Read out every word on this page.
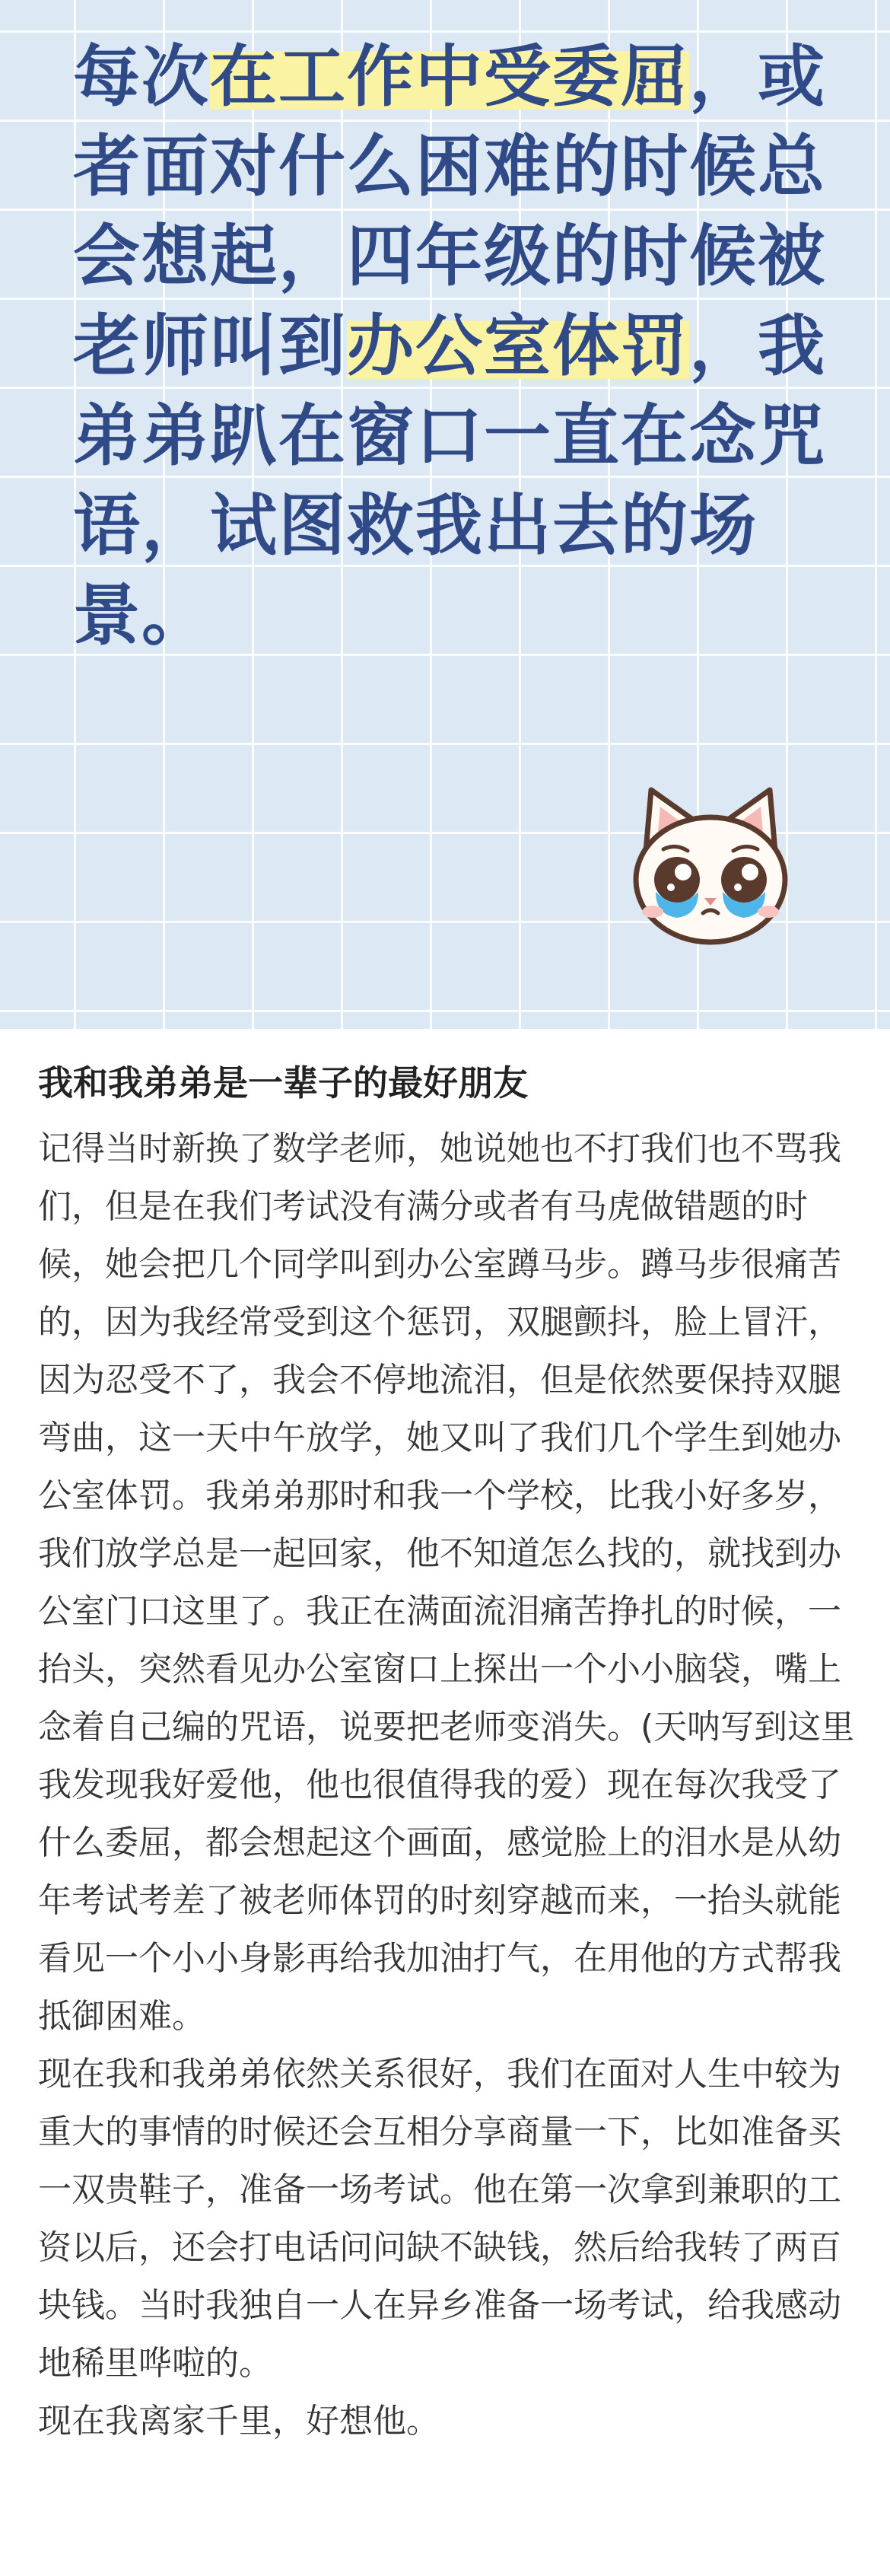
每次在工作中受委屈，或者面对什么困难的时候总会想起，四年级的时候被老师叫到办公室体罚，我弟弟趴在窗口一直在念咒语，试图救我出去的场景。

我和我弟弟是一辈子的最好朋友

记得当时新换了数学老师，她说她也不打我们也不骂我们，但是在我们考试没有满分或者有马虎做错题的时候，她会把几个同学叫到办公室蹲马步。蹲马步很痛苦的，因为我经常受到这个惩罚，双腿颤抖，脸上冒汗，因为忍受不了，我会不停地流泪，但是依然要保持双腿弯曲，这一天中午放学，她又叫了我们几个学生到她办公室体罚。我弟弟那时和我一个学校，比我小好多岁，我们放学总是一起回家，他不知道怎么找的，就找到办公室门口这里了。我正在满面流泪痛苦挣扎的时候，一抬头，突然看见办公室窗口上探出一个小小脑袋，嘴上念着自己编的咒语，说要把老师变消失。(天呐写到这里我发现我好爱他，他也很值得我的爱）现在每次我受了什么委屈，都会想起这个画面，感觉脸上的泪水是从幼年考试考差了被老师体罚的时刻穿越而来，一抬头就能看见一个小小身影再给我加油打气，在用他的方式帮我抵御困难。

现在我和我弟弟依然关系很好，我们在面对人生中较为重大的事情的时候还会互相分享商量一下，比如准备买一双贵鞋子，准备一场考试。他在第一次拿到兼职的工资以后，还会打电话问问缺不缺钱，然后给我转了两百块钱。当时我独自一人在异乡准备一场考试，给我感动地稀里哗啦的。

现在我离家千里，好想他。
